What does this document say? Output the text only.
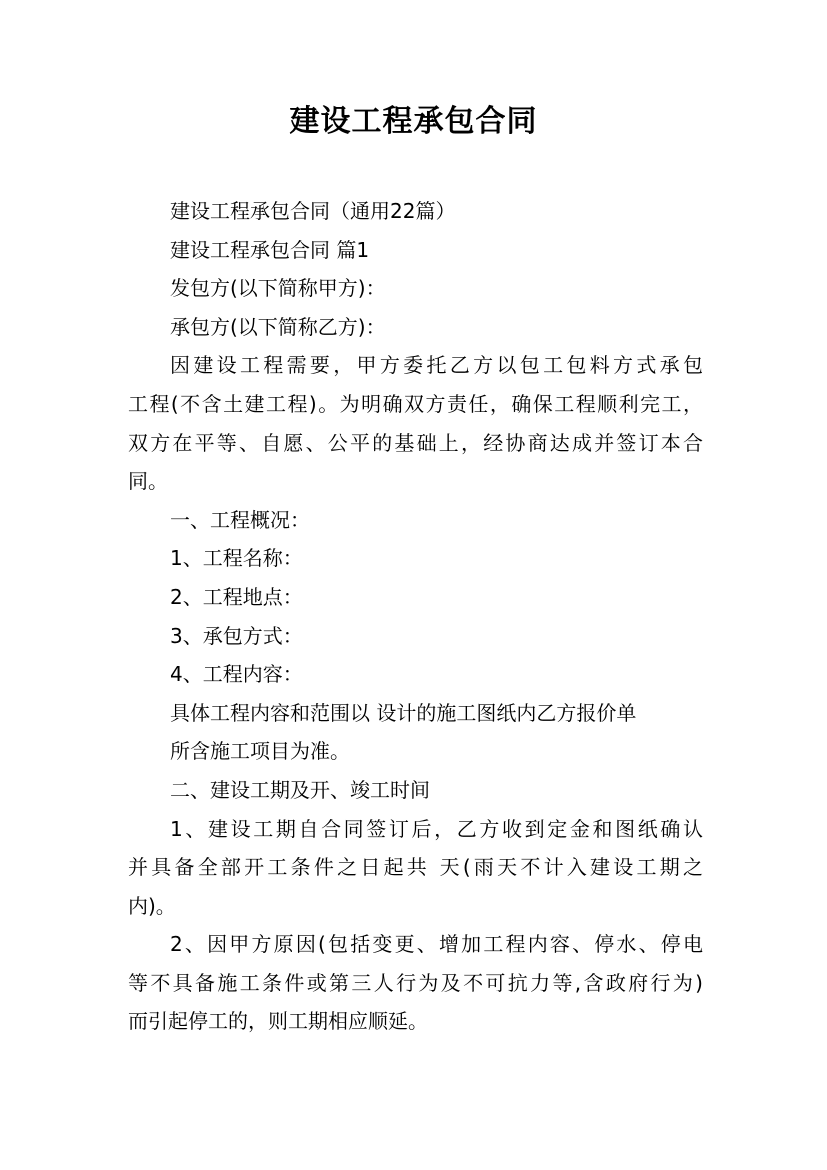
建设工程承包合同

建设工程承包合同（通用22篇）

建设工程承包合同 篇1

发包方(以下简称甲方)：

承包方(以下简称乙方)：

因建设工程需要，甲方委托乙方以包工包料方式承包

工程(不含土建工程)。为明确双方责任，确保工程顺利完工，

双方在平等、自愿、公平的基础上，经协商达成并签订本合

同。

一、工程概况：

1、工程名称：

2、工程地点：

3、承包方式：

4、工程内容：

具体工程内容和范围以 设计的施工图纸内乙方报价单

所含施工项目为准。

二、建设工期及开、竣工时间

1、建设工期自合同签订后，乙方收到定金和图纸确认

并具备全部开工条件之日起共 天(雨天不计入建设工期之

内)。

2、因甲方原因(包括变更、增加工程内容、停水、停电

等不具备施工条件或第三人行为及不可抗力等,含政府行为)

而引起停工的，则工期相应顺延。
